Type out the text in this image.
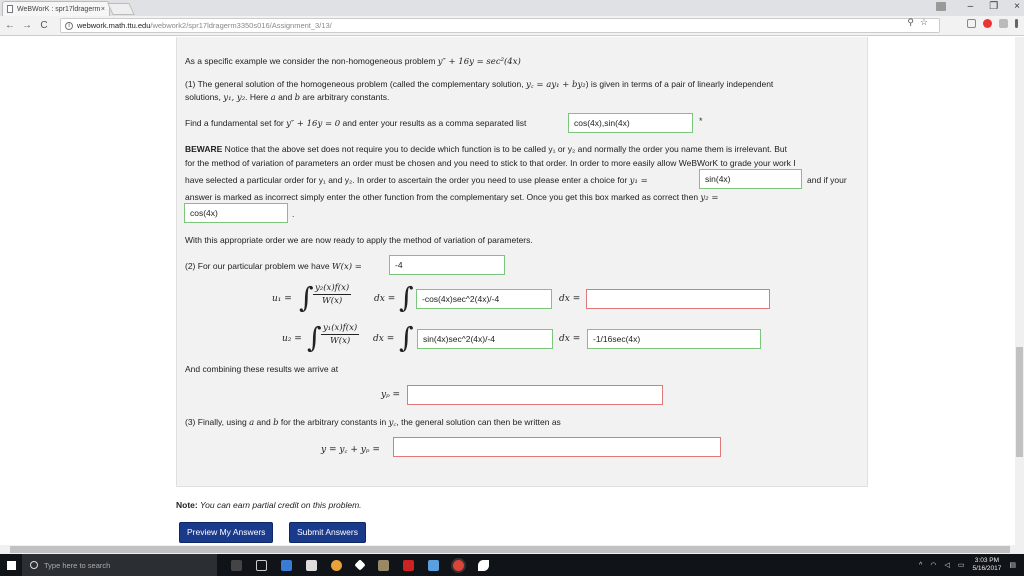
WeBWorK : spr17ldragerm ×	– ❐ ×
← → C	i webwork.math.ttu.edu /webwork2/spr17ldragerm3350s016/Assignment_3/13/	⚲ ☆
As a specific example we consider the non-homogeneous problem y″ + 16y = sec²(4x)
(1) The general solution of the homogeneous problem (called the complementary solution, y꜀ = ay₁ + by₂) is given in terms of a pair of linearly independent
solutions, y₁, y₂. Here a and b are arbitrary constants.
Find a fundamental set for y″ + 16y = 0 and enter your results as a comma separated list	cos(4x),sin(4x)	*
BEWARE Notice that the above set does not require you to decide which function is to be called y₁ or y₂ and normally the order you name them is irrelevant. But
for the method of variation of parameters an order must be chosen and you need to stick to that order. In order to more easily allow WeBWorK to grade your work I
have selected a particular order for y₁ and y₂. In order to ascertain the order you need to use please enter a choice for y₁ =	sin(4x)	and if your
answer is marked as incorrect simply enter the other function from the complementary set. Once you get this box marked as correct then y₂ =
cos(4x)	.
With this appropriate order we are now ready to apply the method of variation of parameters.
(2) For our particular problem we have W(x) =	-4
u₁ = ∫ $\frac{\text{y₂(x)f(x)}}{W(x)}$	dx = ∫ -cos(4x)sec^2(4x)/-4	dx =
u₂ = ∫ $\frac{\text{y₁(x)f(x)}}{W(x)}$ dx = ∫	sin(4x)sec^2(4x)/-4	dx =	-1/16sec(4x)
And combining these results we arrive at
yₚ =
(3) Finally, using a and b for the arbitrary constants in y꜀, the general solution can then be written as
y = y꜀ + yₚ =
Note: You can earn partial credit on this problem.
Preview My Answers	Submit Answers
Type here to search	^ ◠ ◁ ▭
3:03 PM
5/16/2017 ▤
